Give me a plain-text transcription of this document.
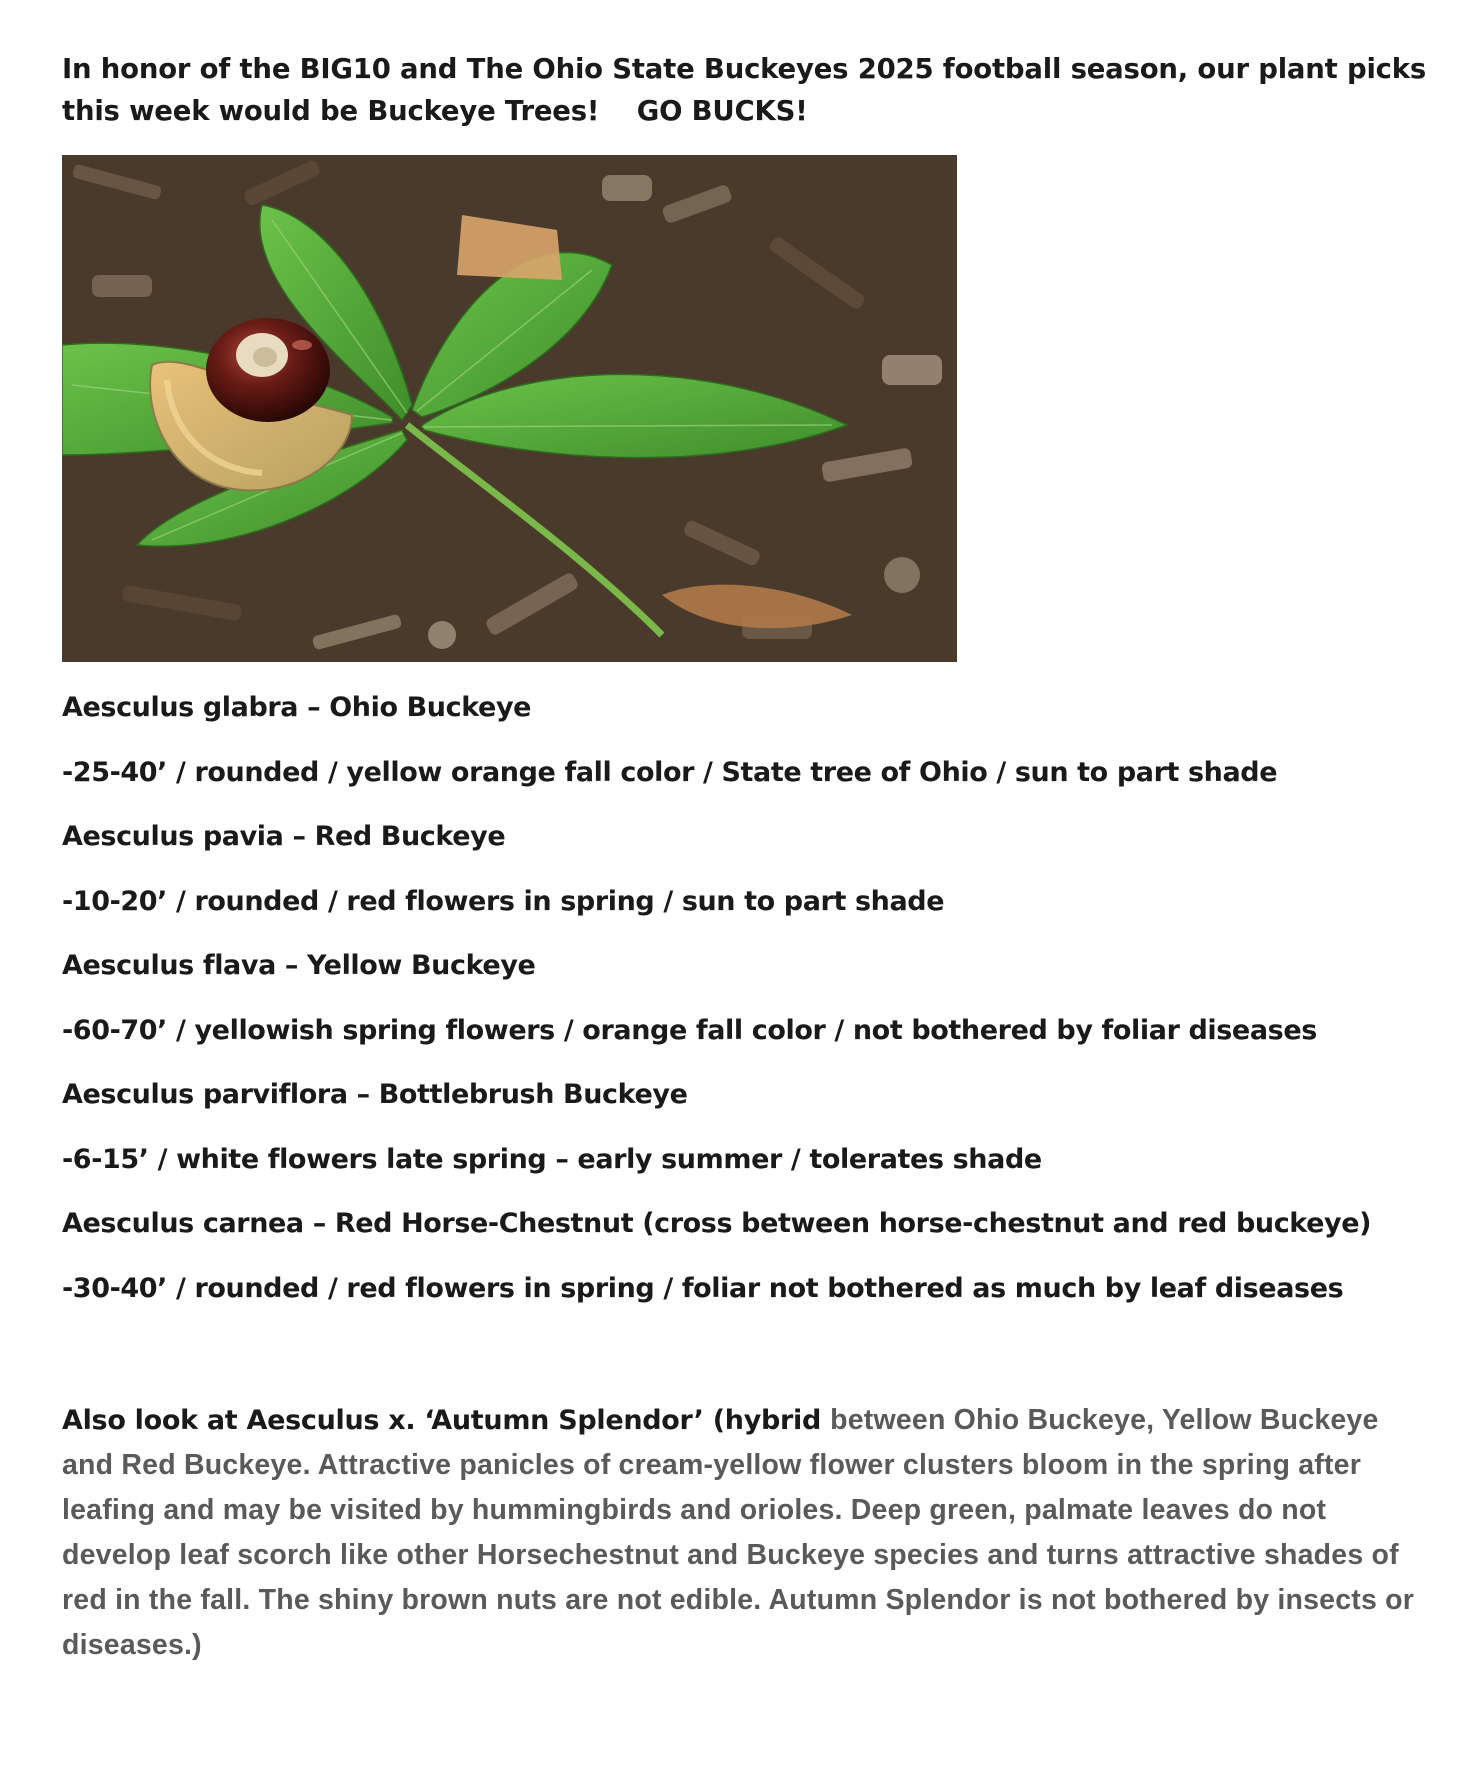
In honor of the BIG10 and The Ohio State Buckeyes 2025 football season, our plant picks this week would be Buckeye Trees!    GO BUCKS!

Aesculus glabra – Ohio Buckeye

-25-40’ / rounded / yellow orange fall color / State tree of Ohio / sun to part shade

Aesculus pavia – Red Buckeye

-10-20’ / rounded / red flowers in spring / sun to part shade

Aesculus flava – Yellow Buckeye

-60-70’ / yellowish spring flowers / orange fall color / not bothered by foliar diseases

Aesculus parviflora – Bottlebrush Buckeye

-6-15’ / white flowers late spring – early summer / tolerates shade

Aesculus carnea – Red Horse-Chestnut (cross between horse-chestnut and red buckeye)

-30-40’ / rounded / red flowers in spring / foliar not bothered as much by leaf diseases

Also look at Aesculus x. ‘Autumn Splendor’ (hybrid between Ohio Buckeye, Yellow Buckeye and Red Buckeye. Attractive panicles of cream-yellow flower clusters bloom in the spring after leafing and may be visited by hummingbirds and orioles. Deep green, palmate leaves do not develop leaf scorch like other Horsechestnut and Buckeye species and turns attractive shades of red in the fall. The shiny brown nuts are not edible. Autumn Splendor is not bothered by insects or diseases.)
